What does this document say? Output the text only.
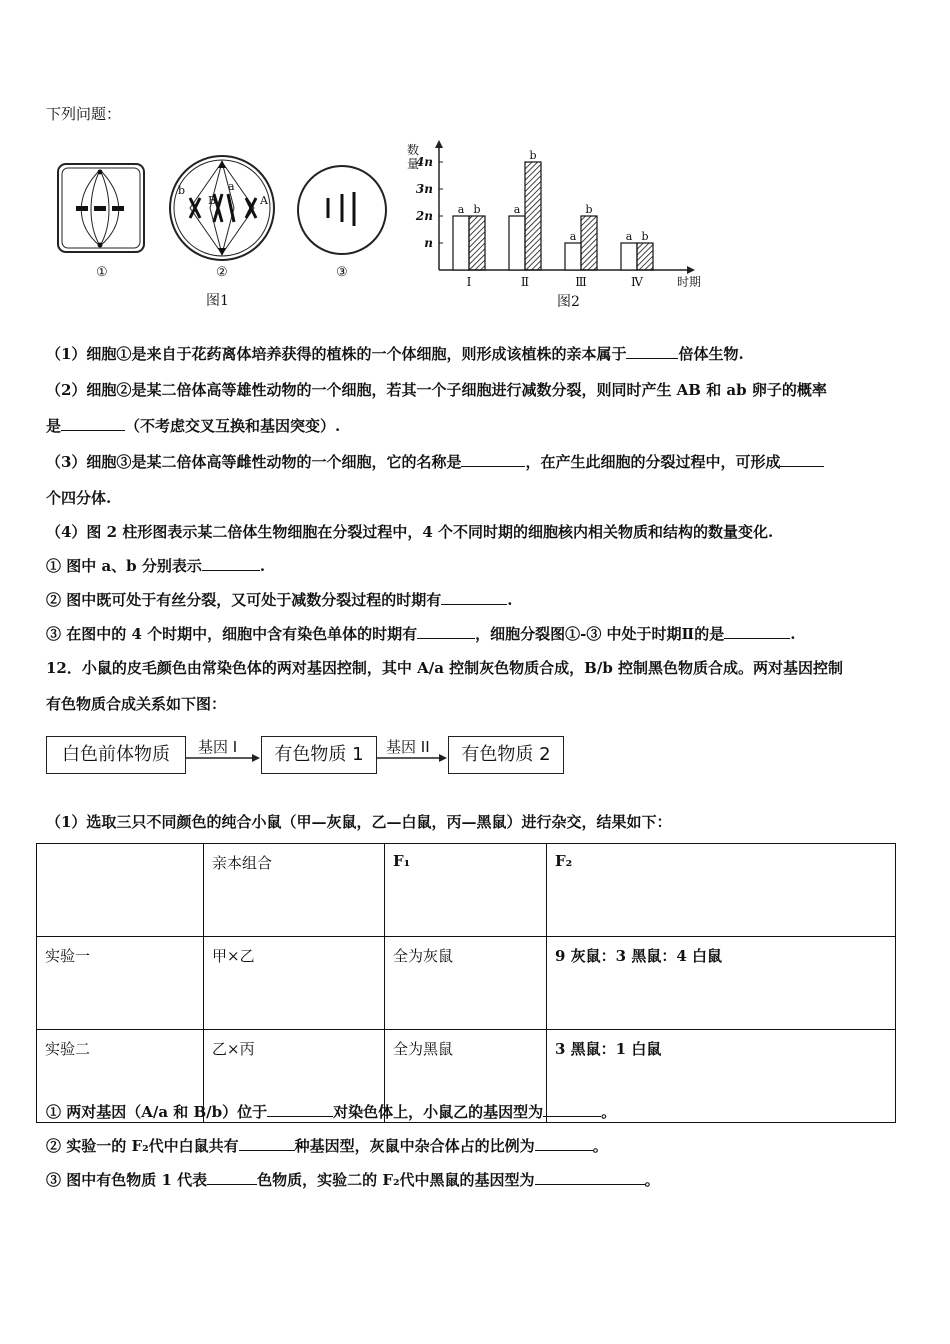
下列问题：
b
B
a
A
①	②	③
图1
数
量
n
2n
3n
4n
a b
Ⅰ
a
b
Ⅱ
a
b
Ⅲ
a b
Ⅳ	时期
图2
（1）细胞①是来自于花药离体培养获得的植株的一个体细胞，则形成该植株的亲本属于	倍体生物.
（2）细胞②是某二倍体高等雄性动物的一个细胞，若其一个子细胞进行减数分裂，则同时产生 AB 和 ab 卵子的概率
是	（不考虑交叉互换和基因突变）.
（3）细胞③是某二倍体高等雌性动物的一个细胞，它的名称是	，在产生此细胞的分裂过程中，可形成
个四分体.
（4）图 2 柱形图表示某二倍体生物细胞在分裂过程中，4 个不同时期的细胞核内相关物质和结构的数量变化.
① 图中 a、b 分别表示	.
② 图中既可处于有丝分裂，又可处于减数分裂过程的时期有	.
③ 在图中的 4 个时期中，细胞中含有染色单体的时期有	，细胞分裂图①-③ 中处于时期Ⅱ的是	.
12．小鼠的皮毛颜色由常染色体的两对基因控制，其中 A/a 控制灰色物质合成，B/b 控制黑色物质合成。两对基因控制
有色物质合成关系如下图：
白色前体物质	基因 I	有色物质 1	基因 II	有色物质 2
（1）选取三只不同颜色的纯合小鼠（甲—灰鼠，乙—白鼠，丙—黑鼠）进行杂交，结果如下：
	亲本组合	F₁	F₂
实验一	甲×乙	全为灰鼠	9 灰鼠：3 黑鼠：4 白鼠
实验二	乙×丙	全为黑鼠	3 黑鼠：1 白鼠
① 两对基因（A/a 和 B/b）位于	对染色体上，小鼠乙的基因型为	。
② 实验一的 F₂代中白鼠共有	种基因型，灰鼠中杂合体占的比例为	。
③ 图中有色物质 1 代表	色物质，实验二的 F₂代中黑鼠的基因型为	。
